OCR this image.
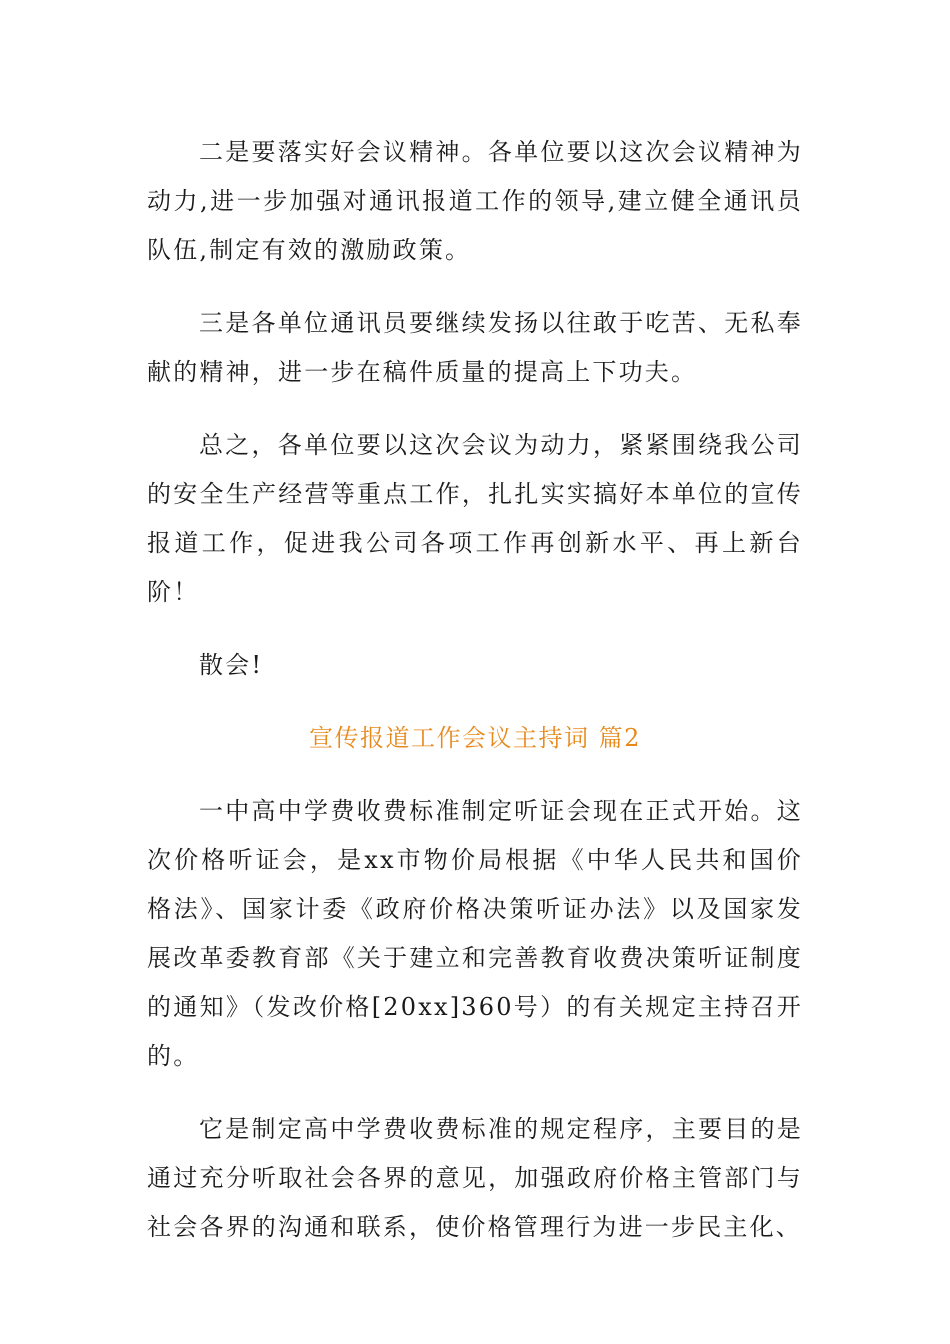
二是要落实好会议精神。各单位要以这次会议精神为动力,进一步加强对通讯报道工作的领导,建立健全通讯员队伍,制定有效的激励政策。

三是各单位通讯员要继续发扬以往敢于吃苦、无私奉献的精神，进一步在稿件质量的提高上下功夫。

总之，各单位要以这次会议为动力，紧紧围绕我公司的安全生产经营等重点工作，扎扎实实搞好本单位的宣传报道工作，促进我公司各项工作再创新水平、再上新台阶！

散会!

宣传报道工作会议主持词 篇2

一中高中学费收费标准制定听证会现在正式开始。这次价格听证会，是xx市物价局根据《中华人民共和国价格法》、国家计委《政府价格决策听证办法》以及国家发展改革委教育部《关于建立和完善教育收费决策听证制度的通知》（发改价格[20xx]360号）的有关规定主持召开的。

它是制定高中学费收费标准的规定程序，主要目的是通过充分听取社会各界的意见，加强政府价格主管部门与社会各界的沟通和联系，使价格管理行为进一步民主化、
